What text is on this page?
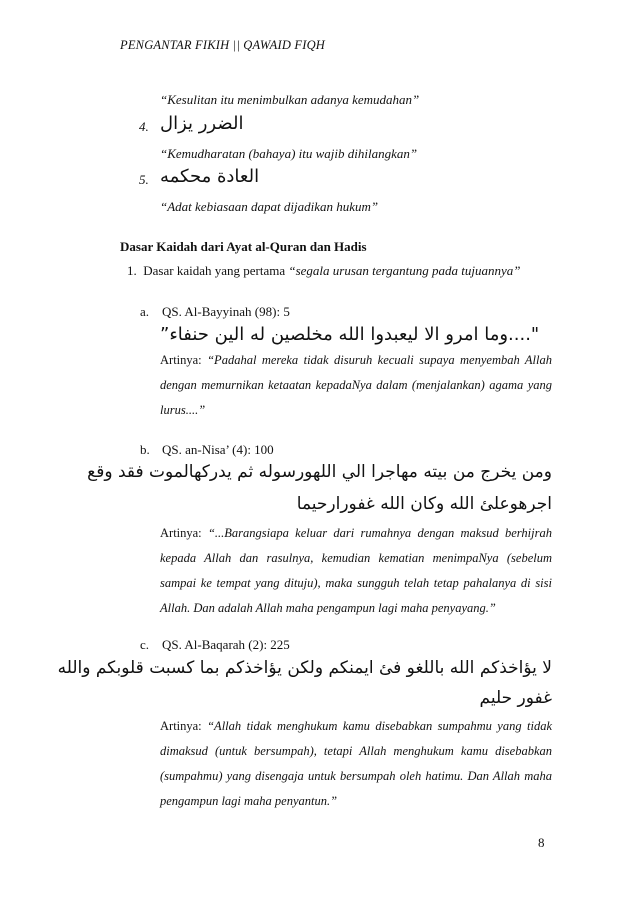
PENGANTAR FIKIH || QAWAID FIQH
“Kesulitan itu menimbulkan adanya kemudahan”
4. الضرر يزال
“Kemudharatan (bahaya) itu wajib dihilangkan”
5. العادة محكمه
“Adat kebiasaan dapat dijadikan hukum”
Dasar Kaidah dari Ayat al-Quran dan Hadis
1. Dasar kaidah yang pertama “segala urusan tergantung pada tujuannya”
a. QS. Al-Bayyinah (98): 5
"....وما امرو الا ليعبدوا الله مخلصين له الين حنفاء”
Artinya: “Padahal mereka tidak disuruh kecuali supaya menyembah Allah dengan memurnikan ketaatan kepadaNya dalam (menjalankan) agama yang lurus....”
b. QS. an-Nisa’ (4): 100
ومن يخرج من بيته مهاجرا الي اللهورسوله ثم يدركهالموت فقد وقع
اجرهوعلئ الله وكان الله غفورارحيما
Artinya: “...Barangsiapa keluar dari rumahnya dengan maksud berhijrah kepada Allah dan rasulnya, kemudian kematian menimpaNya (sebelum sampai ke tempat yang dituju), maka sungguh telah tetap pahalanya di sisi Allah. Dan adalah Allah maha pengampun lagi maha penyayang.”
c. QS. Al-Baqarah (2): 225
لا يؤاخذكم الله باللغو فئ ايمنكم ولكن يؤاخذكم بما كسبت قلوبكم والله
غفور حليم
Artinya: “Allah tidak menghukum kamu disebabkan sumpahmu yang tidak dimaksud (untuk bersumpah), tetapi Allah menghukum kamu disebabkan (sumpahmu) yang disengaja untuk bersumpah oleh hatimu. Dan Allah maha pengampun lagi maha penyantun.”
8
